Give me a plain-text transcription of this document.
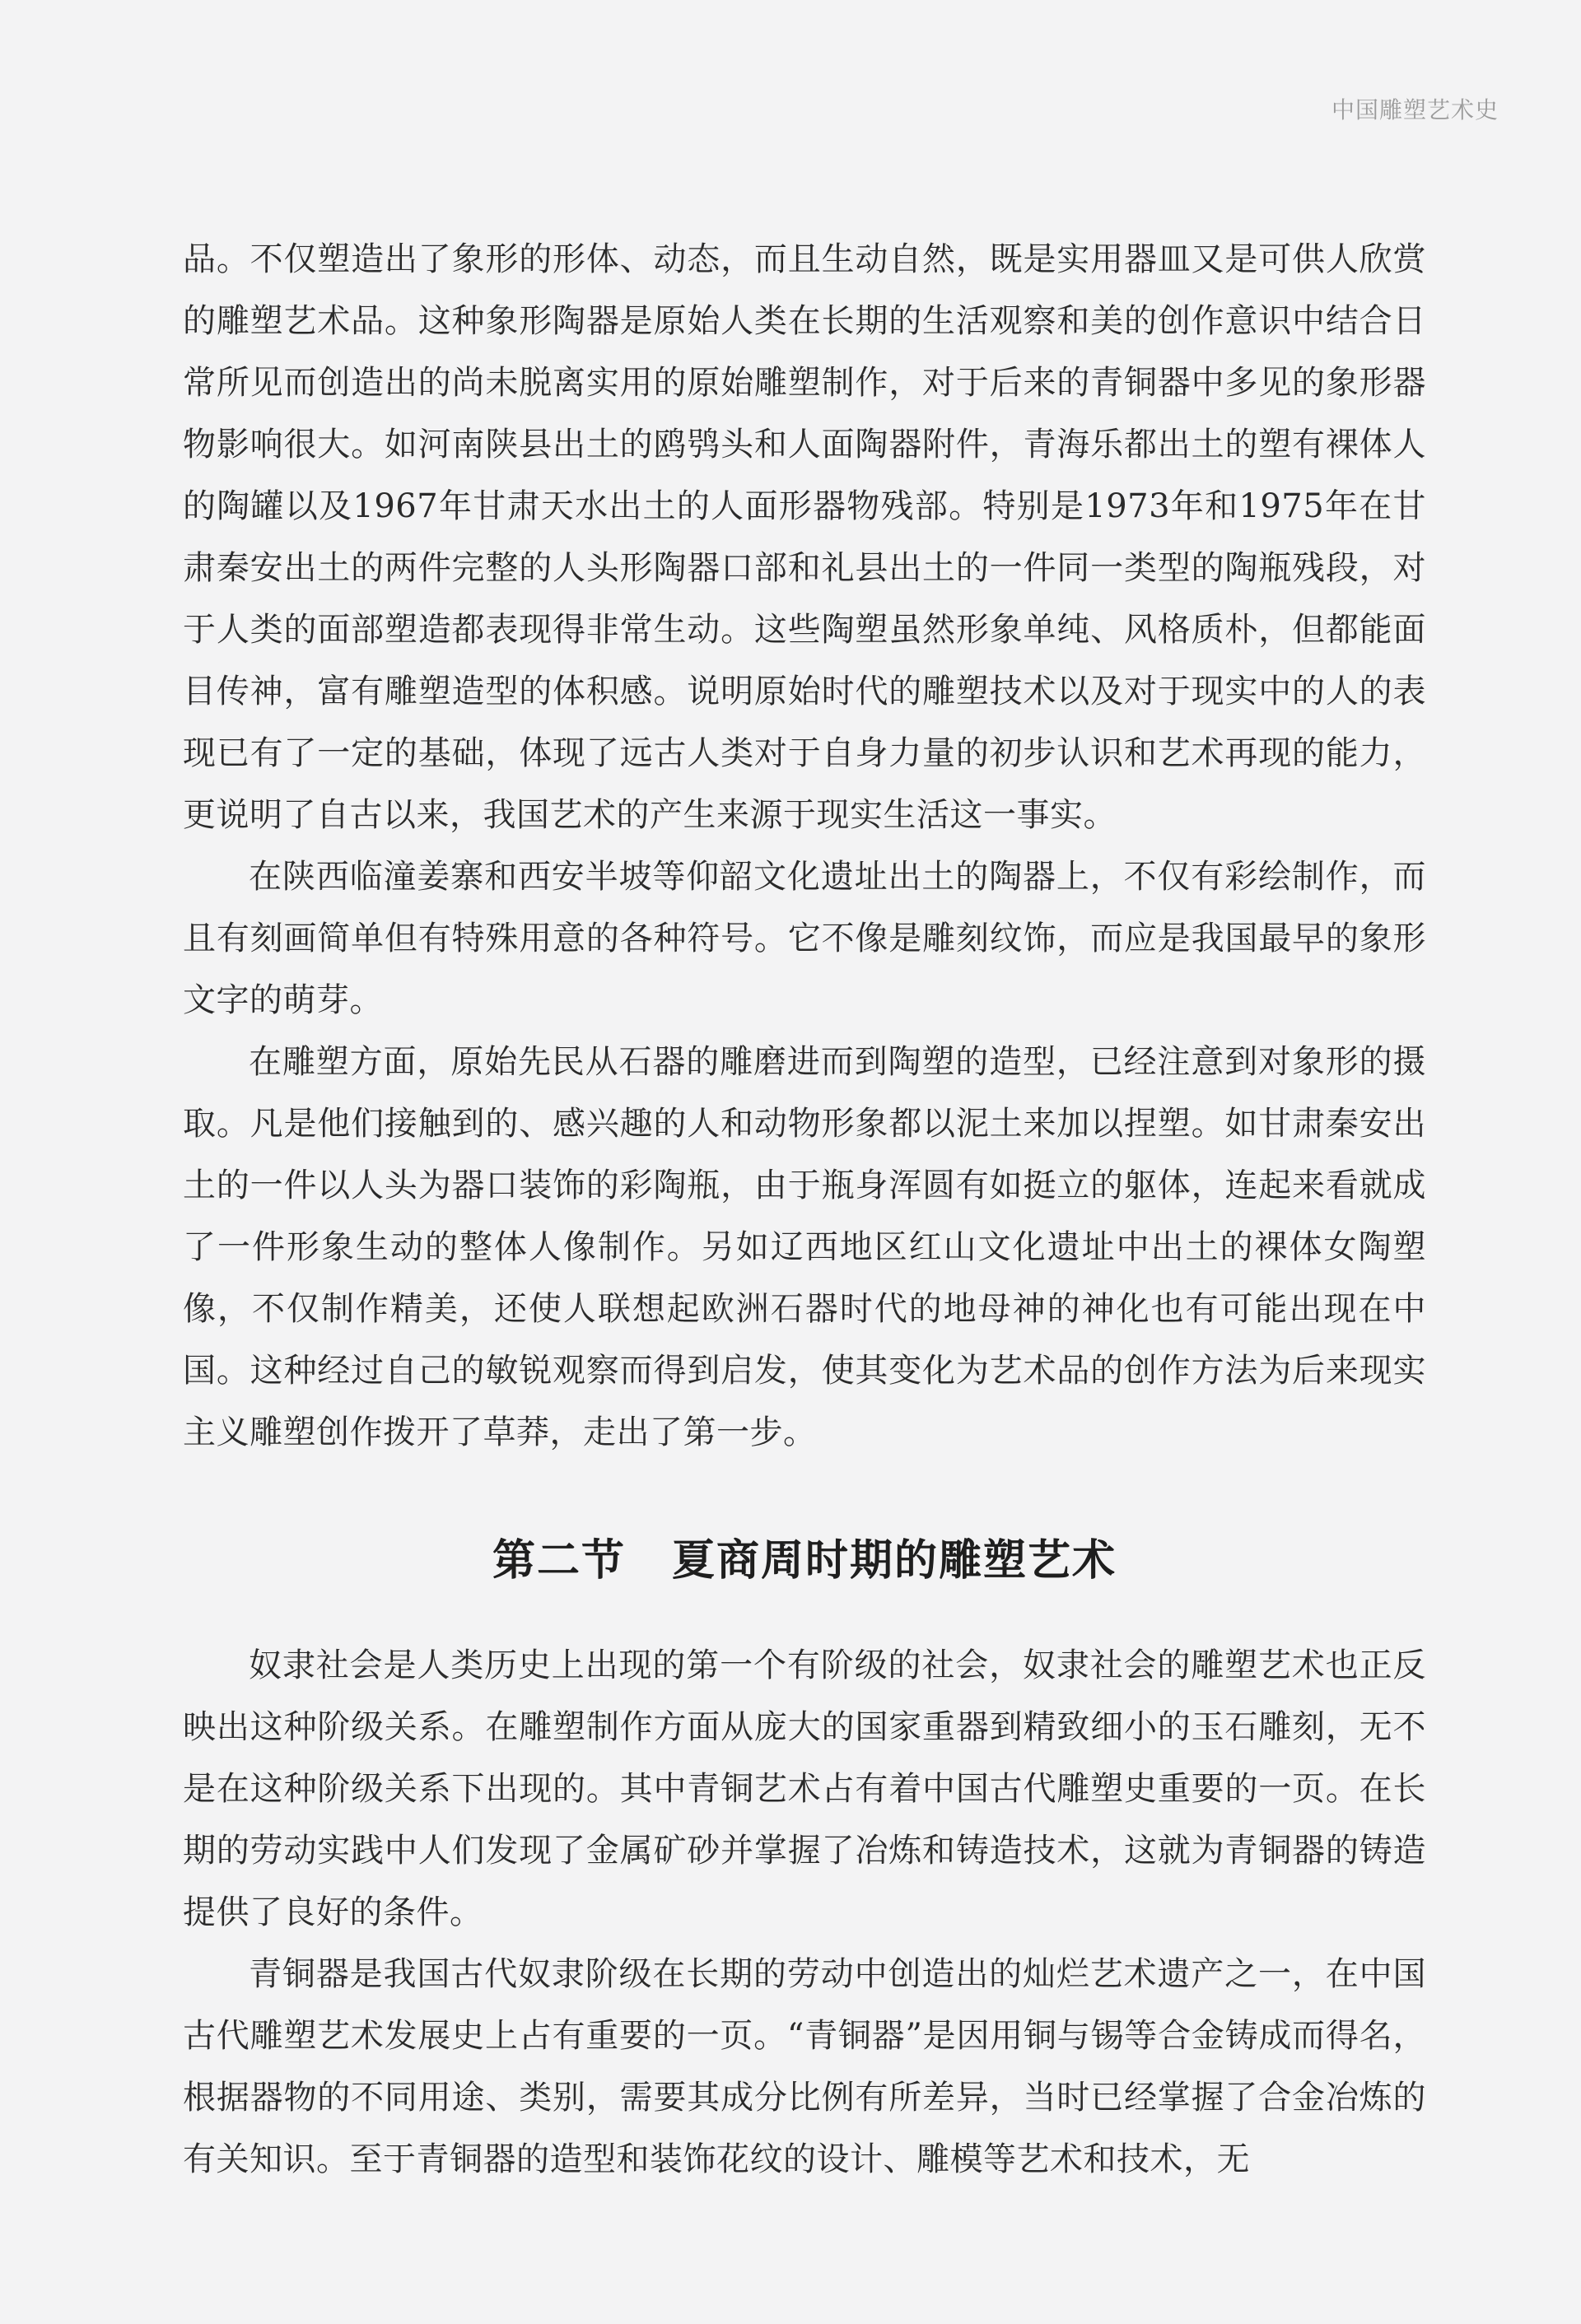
中国雕塑艺术史

品。不仅塑造出了象形的形体、动态，而且生动自然，既是实用器皿又是可供人欣赏的雕塑艺术品。这种象形陶器是原始人类在长期的生活观察和美的创作意识中结合日常所见而创造出的尚未脱离实用的原始雕塑制作，对于后来的青铜器中多见的象形器物影响很大。如河南陕县出土的鸥鸮头和人面陶器附件，青海乐都出土的塑有裸体人的陶罐以及1967年甘肃天水出土的人面形器物残部。特别是1973年和1975年在甘肃秦安出土的两件完整的人头形陶器口部和礼县出土的一件同一类型的陶瓶残段，对于人类的面部塑造都表现得非常生动。这些陶塑虽然形象单纯、风格质朴，但都能面目传神，富有雕塑造型的体积感。说明原始时代的雕塑技术以及对于现实中的人的表现已有了一定的基础，体现了远古人类对于自身力量的初步认识和艺术再现的能力，更说明了自古以来，我国艺术的产生来源于现实生活这一事实。

在陕西临潼姜寨和西安半坡等仰韶文化遗址出土的陶器上，不仅有彩绘制作，而且有刻画简单但有特殊用意的各种符号。它不像是雕刻纹饰，而应是我国最早的象形文字的萌芽。

在雕塑方面，原始先民从石器的雕磨进而到陶塑的造型，已经注意到对象形的摄取。凡是他们接触到的、感兴趣的人和动物形象都以泥土来加以捏塑。如甘肃秦安出土的一件以人头为器口装饰的彩陶瓶，由于瓶身浑圆有如挺立的躯体，连起来看就成了一件形象生动的整体人像制作。另如辽西地区红山文化遗址中出土的裸体女陶塑像，不仅制作精美，还使人联想起欧洲石器时代的地母神的神化也有可能出现在中国。这种经过自己的敏锐观察而得到启发，使其变化为艺术品的创作方法为后来现实主义雕塑创作拨开了草莽，走出了第一步。

第二节 夏商周时期的雕塑艺术

奴隶社会是人类历史上出现的第一个有阶级的社会，奴隶社会的雕塑艺术也正反映出这种阶级关系。在雕塑制作方面从庞大的国家重器到精致细小的玉石雕刻，无不是在这种阶级关系下出现的。其中青铜艺术占有着中国古代雕塑史重要的一页。在长期的劳动实践中人们发现了金属矿砂并掌握了冶炼和铸造技术，这就为青铜器的铸造提供了良好的条件。

青铜器是我国古代奴隶阶级在长期的劳动中创造出的灿烂艺术遗产之一，在中国古代雕塑艺术发展史上占有重要的一页。“青铜器”是因用铜与锡等合金铸成而得名，根据器物的不同用途、类别，需要其成分比例有所差异，当时已经掌握了合金冶炼的有关知识。至于青铜器的造型和装饰花纹的设计、雕模等艺术和技术，无
